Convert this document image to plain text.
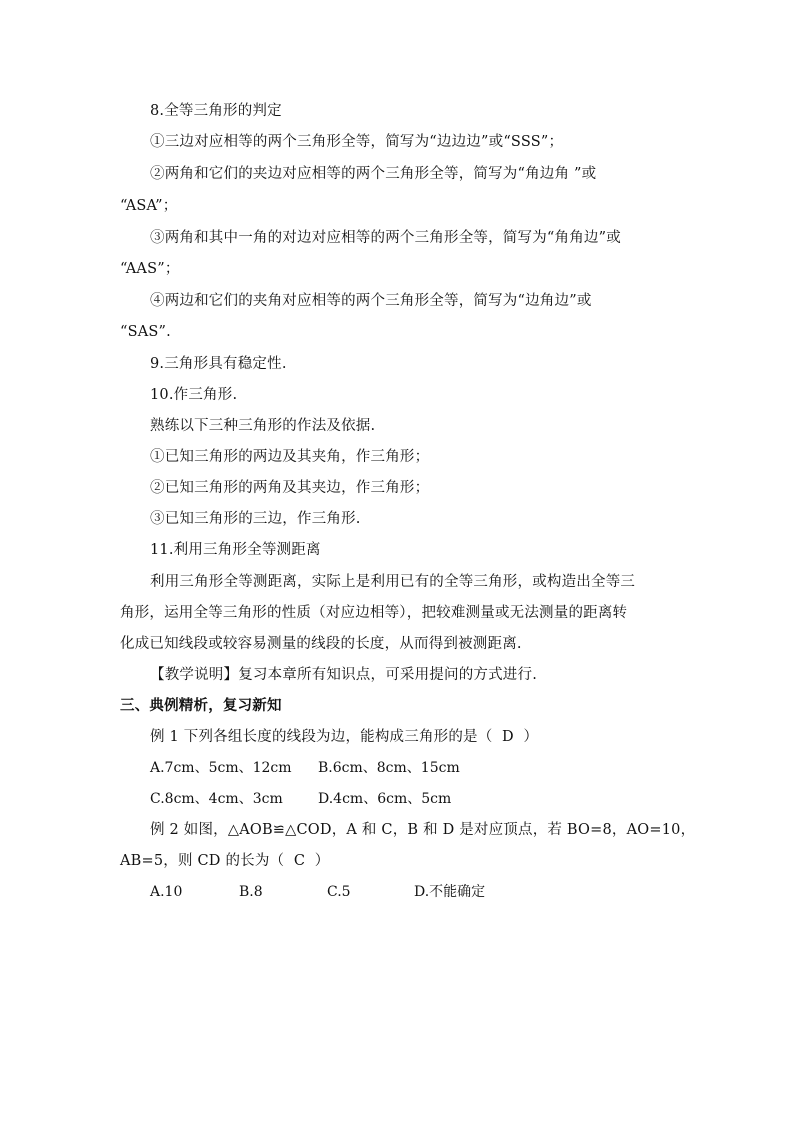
8.全等三角形的判定
①三边对应相等的两个三角形全等，简写为“边边边”或“SSS”；
②两角和它们的夹边对应相等的两个三角形全等，简写为“角边角 ”或
“ASA”；
③两角和其中一角的对边对应相等的两个三角形全等，简写为“角角边”或
“AAS”；
④两边和它们的夹角对应相等的两个三角形全等，简写为“边角边”或
“SAS”.
9.三角形具有稳定性.
10.作三角形.
熟练以下三种三角形的作法及依据.
①已知三角形的两边及其夹角，作三角形；
②已知三角形的两角及其夹边，作三角形；
③已知三角形的三边，作三角形.
11.利用三角形全等测距离
利用三角形全等测距离，实际上是利用已有的全等三角形，或构造出全等三
角形，运用全等三角形的性质（对应边相等），把较难测量或无法测量的距离转
化成已知线段或较容易测量的线段的长度，从而得到被测距离.
【教学说明】复习本章所有知识点，可采用提问的方式进行.
三、典例精析，复习新知
例 1 下列各组长度的线段为边，能构成三角形的是（  D  ）
A.7cm、5cm、12cm B.6cm、8cm、15cm
C.8cm、4cm、3cm	D.4cm、6cm、5cm
例 2 如图，△AOB≌△COD，A 和 C，B 和 D 是对应顶点，若 BO=8，AO=10，
AB=5，则 CD 的长为（  C  ）
A.10	B.8	C.5	D.不能确定
